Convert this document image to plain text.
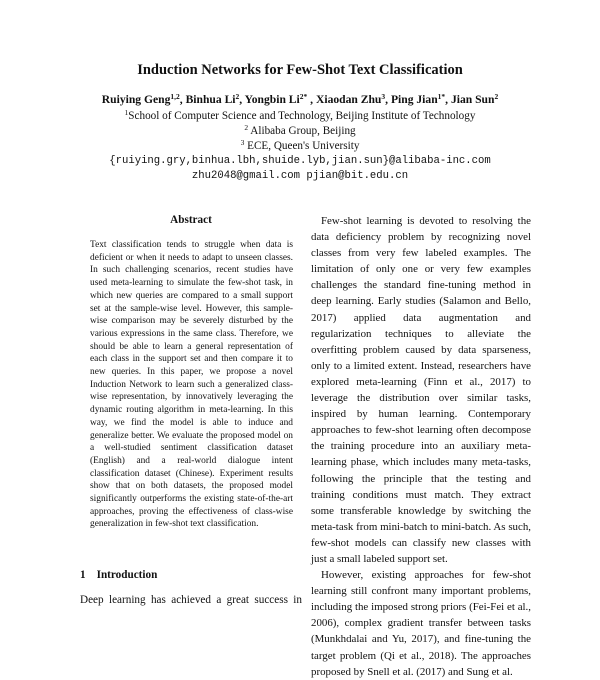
Induction Networks for Few-Shot Text Classification
Ruiying Geng$^{1,2}$, Binhua Li$^2$, Yongbin $Li^{2*}$ , Xiaodan Zhu$^3$, Ping Jian$^{1*}$, Jian Sun$^2$
$^1$School of Computer Science and Technology, Beijing Institute of Technology
$^2$ Alibaba Group, Beijing
$^3$ ECE, Queen's University
{ruiying.gry,binhua.lbh,shuide.lyb,jian.sun}@alibaba-inc.com
zhu2048@gmail.com pjian@bit.edu.cn
Abstract
Text classification tends to struggle when data is deficient or when it needs to adapt to unseen classes. In such challenging scenarios, recent studies have used meta-learning to simulate the few-shot task, in which new queries are compared to a small support set at the sample-wise level. However, this sample-wise comparison may be severely disturbed by the various expressions in the same class. Therefore, we should be able to learn a general representation of each class in the support set and then compare it to new queries. In this paper, we propose a novel Induction Network to learn such a generalized class-wise representation, by innovatively leveraging the dynamic routing algorithm in meta-learning. In this way, we find the model is able to induce and generalize better. We evaluate the proposed model on a well-studied sentiment classification dataset (English) and a real-world dialogue intent classification dataset (Chinese). Experiment results show that on both datasets, the proposed model significantly outperforms the existing state-of-the-art approaches, proving the effectiveness of class-wise generalization in few-shot text classification.
1 Introduction
Deep learning has achieved a great success in

Few-shot learning is devoted to resolving the data deficiency problem by recognizing novel classes from very few labeled examples. The limitation of only one or very few examples challenges the standard fine-tuning method in deep learning. Early studies (Salamon and Bello, 2017) applied data augmentation and regularization techniques to alleviate the overfitting problem caused by data sparseness, only to a limited extent. Instead, researchers have explored meta-learning (Finn et al., 2017) to leverage the distribution over similar tasks, inspired by human learning. Contemporary approaches to few-shot learning often decompose the training procedure into an auxiliary meta-learning phase, which includes many meta-tasks, following the principle that the testing and training conditions must match. They extract some transferable knowledge by switching the meta-task from mini-batch to mini-batch. As such, few-shot models can classify new classes with just a small labeled support set.

However, existing approaches for few-shot learning still confront many important problems, including the imposed strong priors (Fei-Fei et al., 2006), complex gradient transfer between tasks (Munkhdalai and Yu, 2017), and fine-tuning the target problem (Qi et al., 2018). The approaches proposed by Snell et al. (2017) and Sung et al.
